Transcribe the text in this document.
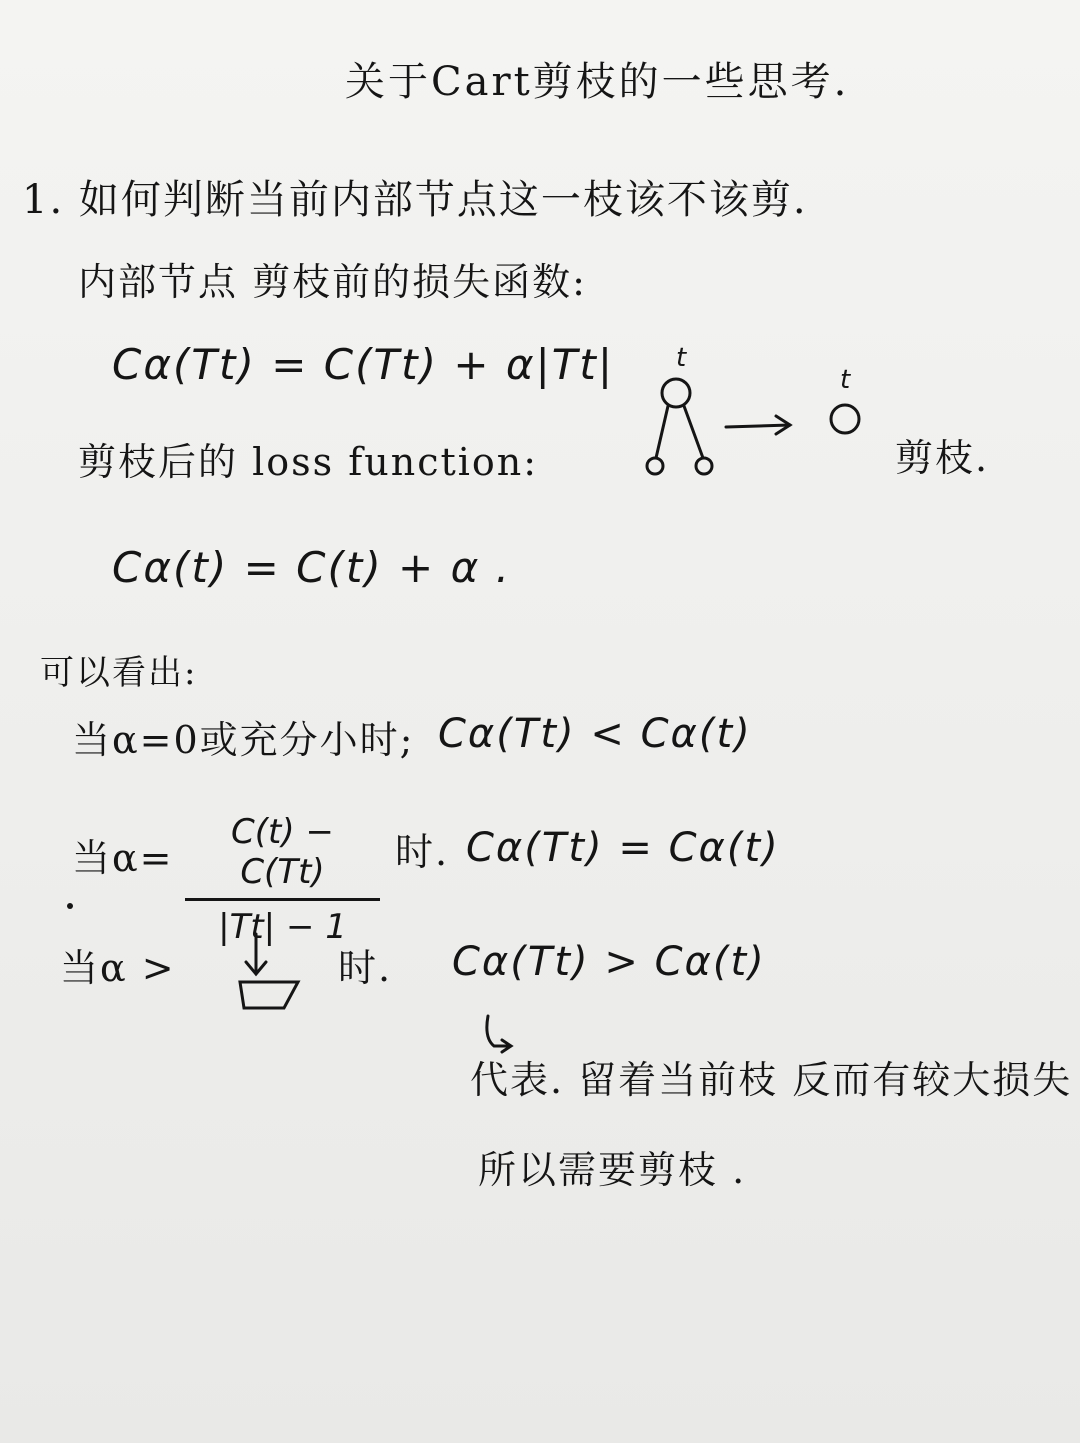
关于Cart剪枝的一些思考.
1. 如何判断当前内部节点这一枝该不该剪.
内部节点 剪枝前的损失函数:
Cα(Tt) = C(Tt) + α|Tt|
剪枝后的 loss function:
Cα(t) = C(t) + α .
可以看出:
当α=0或充分小时; Cα(Tt) < Cα(t)
当α=
C(t) − C(Tt)
|Tt| − 1
时. Cα(Tt) = Cα(t)
当α >	时. Cα(Tt) > Cα(t)
代表. 留着当前枝 反而有较大损失
所以需要剪枝 .
剪枝.
t
t
